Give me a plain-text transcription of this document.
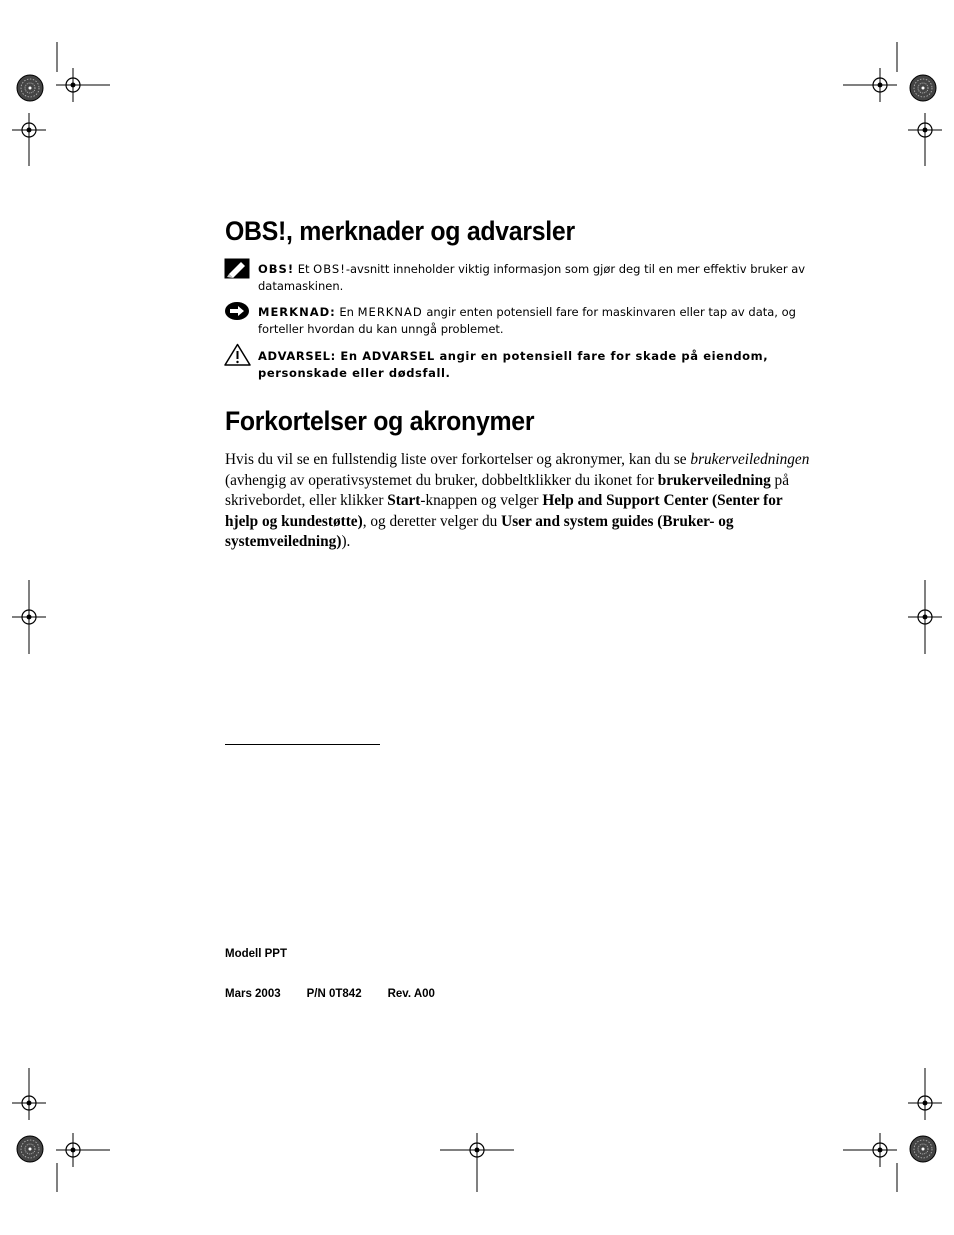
OBS!, merknader og advarsler
OBS! Et OBS!-avsnitt inneholder viktig informasjon som gjør deg til en mer effektiv bruker av datamaskinen.
MERKNAD: En MERKNAD angir enten potensiell fare for maskinvaren eller tap av data, og forteller hvordan du kan unngå problemet.
ADVARSEL: En ADVARSEL angir en potensiell fare for skade på eiendom, personskade eller dødsfall.
Forkortelser og akronymer
Hvis du vil se en fullstendig liste over forkortelser og akronymer, kan du se brukerveiledningen (avhengig av operativsystemet du bruker, dobbeltklikker du ikonet for brukerveiledning på skrivebordet, eller klikker Start-knappen og velger Help and Support Center (Senter for hjelp og kundestøtte), og deretter velger du User and system guides (Bruker- og systemveiledning)).
Modell PPT
Mars 2003 P/N 0T842 Rev. A00
